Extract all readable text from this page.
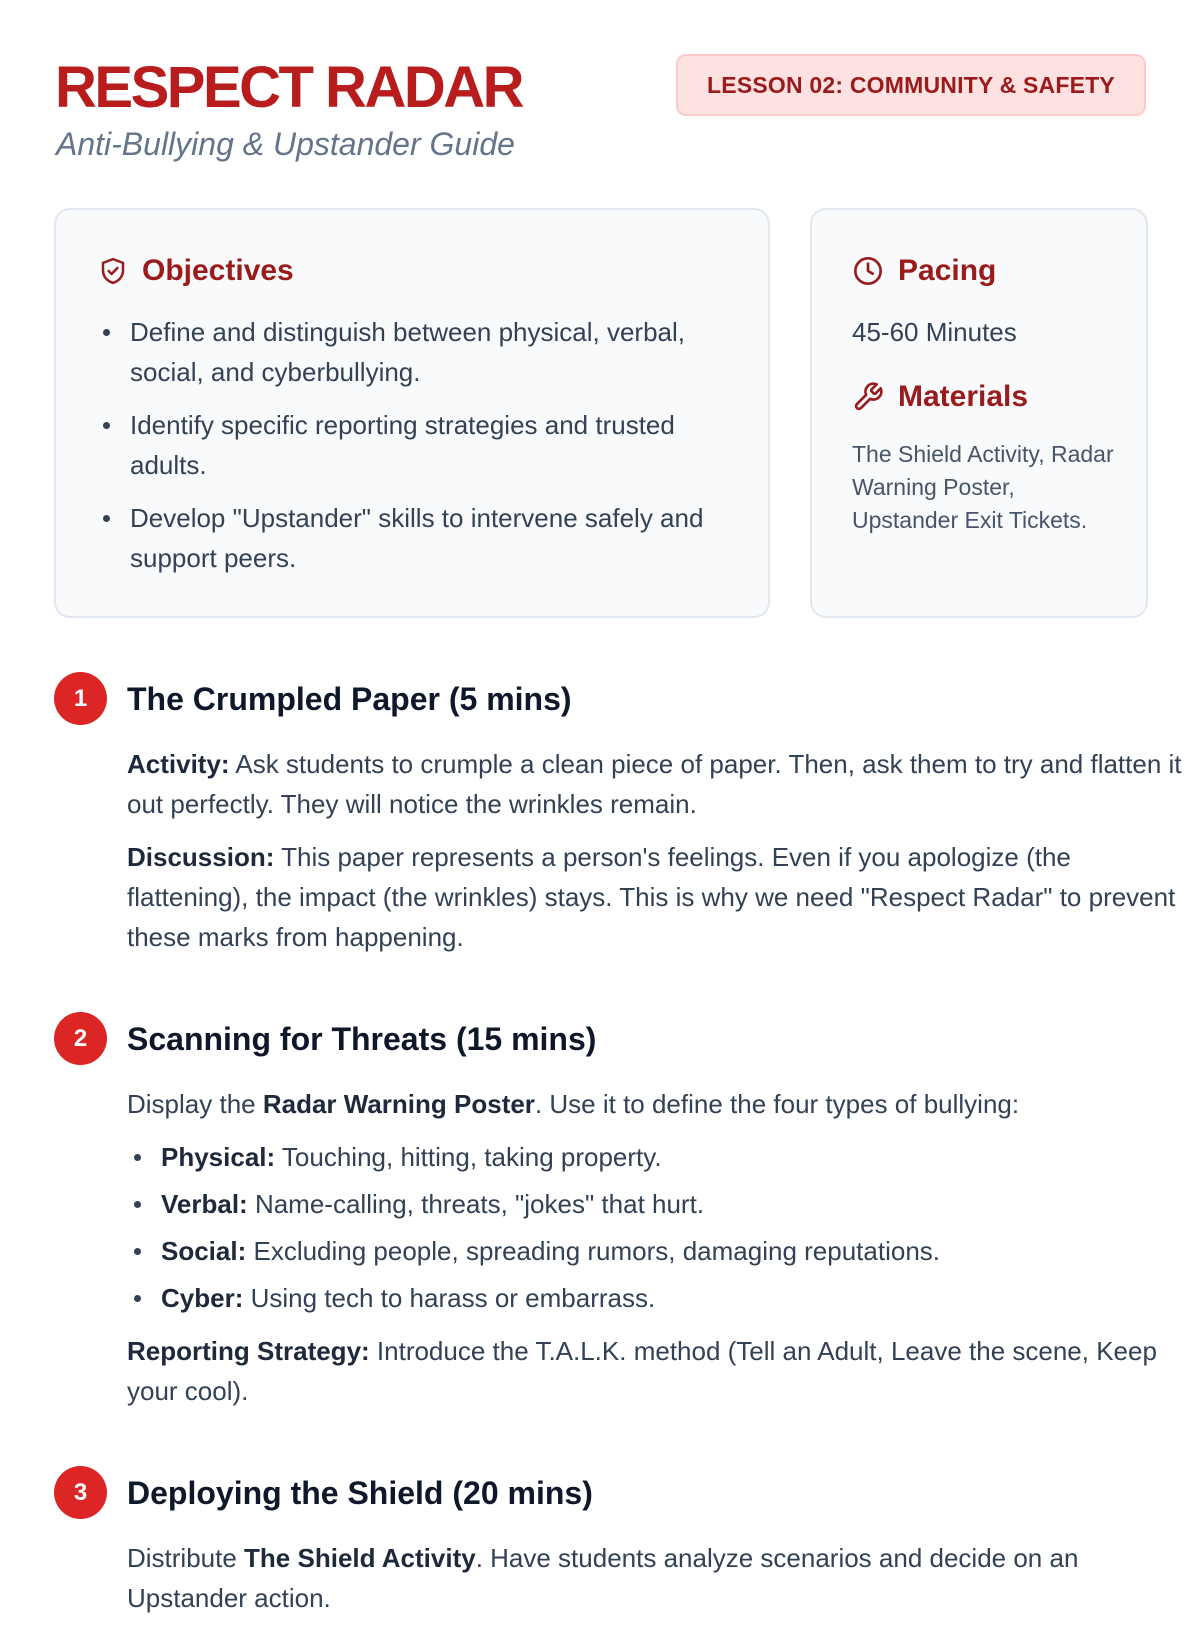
RESPECT RADAR
Anti-Bullying & Upstander Guide
LESSON 02: COMMUNITY & SAFETY
Objectives
Define and distinguish between physical, verbal, social, and cyberbullying.
Identify specific reporting strategies and trusted adults.
Develop "Upstander" skills to intervene safely and support peers.
Pacing
45-60 Minutes
Materials
The Shield Activity, Radar Warning Poster, Upstander Exit Tickets.
1	The Crumpled Paper (5 mins)

Activity: Ask students to crumple a clean piece of paper. Then, ask them to try and flatten it out perfectly. They will notice the wrinkles remain.

Discussion: This paper represents a person's feelings. Even if you apologize (the flattening), the impact (the wrinkles) stays. This is why we need "Respect Radar" to prevent these marks from happening.

2	Scanning for Threats (15 mins)

Display the Radar Warning Poster. Use it to define the four types of bullying:

Physical: Touching, hitting, taking property.
Verbal: Name-calling, threats, "jokes" that hurt.
Social: Excluding people, spreading rumors, damaging reputations.
Cyber: Using tech to harass or embarrass.

Reporting Strategy: Introduce the T.A.L.K. method (Tell an Adult, Leave the scene, Keep your cool).

3	Deploying the Shield (20 mins)

Distribute The Shield Activity. Have students analyze scenarios and decide on an Upstander action.
